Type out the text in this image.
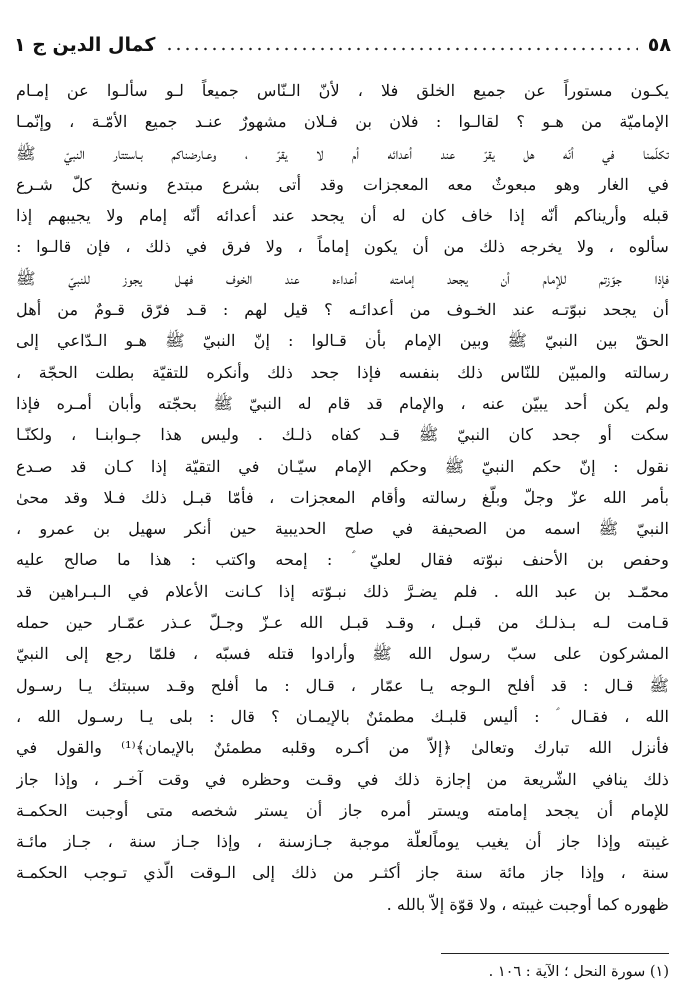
٥٨
كمال الدين ج ١
يكـون مستوراً عن جميع الخلق فلا ، لأنّ الـنّاس جميعاً لـو سألـوا عن إمـام
الإماميّة من هـو ؟ لقالـوا : فلان بن فـلان مشهورٌ عنـد جميع الأمّـة ، وإنّمـا
تكلّمنا في أنّه هل يقرّ عند أعدائه أم لا يقرّ ، وعـارضناكم بـاستتار النبيّ ﷺ
في الغار وهو مبعوثٌ معه المعجزات وقد أتى بشرع مبتدع ونسخ كلّ شـرع
قبله وأريناكم أنّه إذا خاف كان له أن يجحد عند أعدائه أنّه إمام ولا يجيبهم إذا
سألوه ، ولا يخرجه ذلك من أن يكون إماماً ، ولا فرق في ذلك ، فإن قالـوا :
فإذا جوّزتم للإمام أن يجحد إمامته أعداءه عند الخوف فهـل يجوز للنبيّ ﷺ
أن يجحد نبوّتـه عند الخـوف من أعدائـه ؟ قيل لهم : قـد فرّق قـومٌ من أهل
الحقّ بين النبيّ ﷺ وبين الإمام بأن قـالوا : إنّ النبيّ ﷺ هـو الـدّاعي إلى
رسالته والمبيّن للنّاس ذلك بنفسه فإذا جحد ذلك وأنكره للتقيّة بطلت الحجّة ،
ولم يكن أحد يبيّن عنه ، والإمام قد قام له النبيّ ﷺ بحجّته وأبان أمـره فإذا
سكت أو جحد كان النبيّ ﷺ قـد كفاه ذلـك . وليس هذا جـوابنـا ، ولكنّـا
نقول : إنّ حكم النبيّ ﷺ وحكم الإمام سيّـان في التقيّة إذا كـان قد صـدع
بأمر الله عزّ وجلّ وبلّغ رسالته وأقام المعجزات ، فأمّا قبـل ذلك فـلا وقد محىٰ
النبيّ ﷺ اسمه من الصحيفة في صلح الحديبية حين أنكر سهيل بن عمرو ،
وحفص بن الأحنف نبوّته فقال لعليّ ؑ : إمحه واكتب : هذا ما صالح عليه
محمّـد بن عبد الله . فلم يضـرَّ ذلك نبـوّته إذا كـانت الأعلام في الـبـراهين قد
قـامت لـه بـذلـك من قبـل ، وقـد قبـل الله عـزّ وجـلّ عـذر عمّـار حين حمله
المشركون على سبّ رسول الله ﷺ وأرادوا قتله فسبّه ، فلمّا رجع إلى النبيّ
ﷺ قـال : قد أفلح الـوجه يـا عمّار ، قـال : ما أفلح وقـد سببتك يـا رسـول
الله ، فقـال ؑ : أليس قلبـك مطمئنٌ بالإيمـان ؟ قال : بلى يـا رسـول الله ،
فأنزل الله تبارك وتعالىٰ ﴿إلاّ من أكـره وقلبه مطمئنٌ بالإيمان﴾⁽¹⁾ والقول في
ذلك ينافي الشّريعة من إجازة ذلك في وقـت وحظره في وقت آخـر ، وإذا جاز
للإمام أن يجحد إمامته ويستر أمره جاز أن يستر شخصه متى أوجبت الحكمـة
غيبته وإذا جاز أن يغيب يوماًلعلّة موجبة جـازسنة ، وإذا جـاز سنة ، جـاز مائـة
سنة ، وإذا جاز مائة سنة جاز أكثـر من ذلك إلى الـوقت الّذي تـوجب الحكمـة
ظهوره كما أوجبت غيبته ، ولا قوّة إلاّ بالله .
(١) سورة النحل ؛ الآية : ١٠٦ .
